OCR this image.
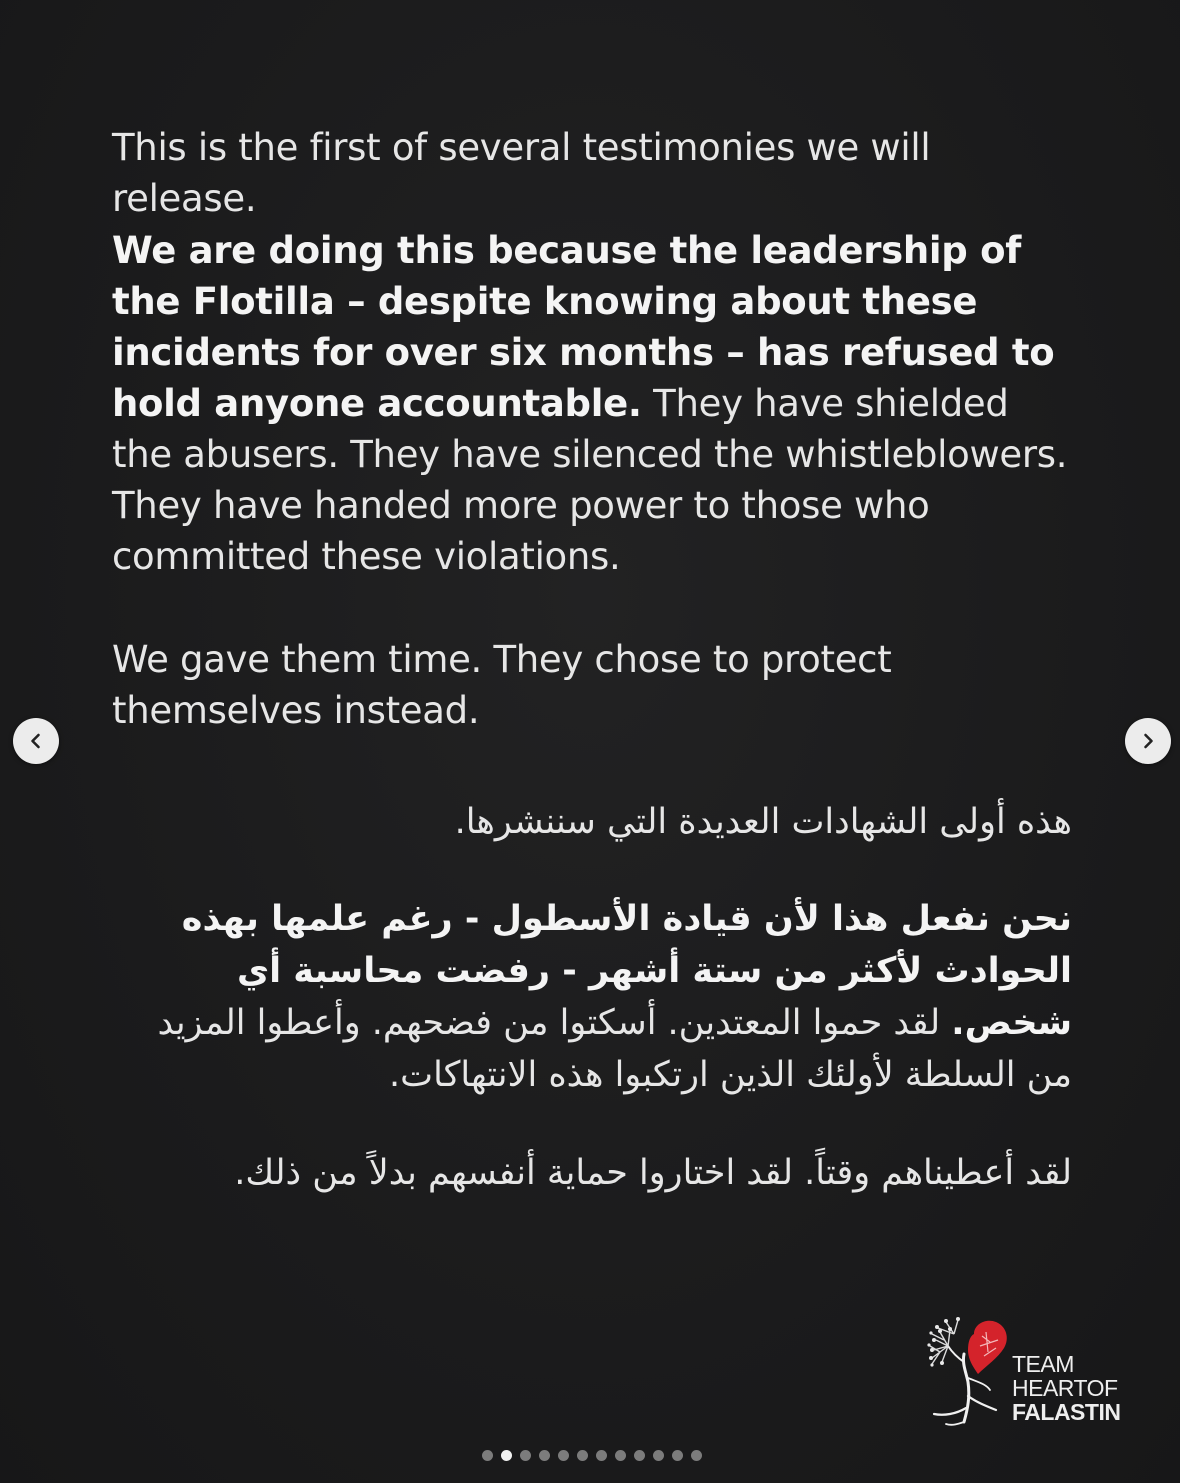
This is the first of several testimonies we will release.
We are doing this because the leadership of the Flotilla – despite knowing about these incidents for over six months – has refused to hold anyone accountable. They have shielded the abusers. They have silenced the whistleblowers. They have handed more power to those who committed these violations.
We gave them time. They chose to protect themselves instead.
هذه أولى الشهادات العديدة التي سننشرها.
نحن نفعل هذا لأن قيادة الأسطول - رغم علمها بهذه الحوادث لأكثر من ستة أشهر - رفضت محاسبة أي شخص. لقد حموا المعتدين. أسكتوا من فضحهم. وأعطوا المزيد من السلطة لأولئك الذين ارتكبوا هذه الانتهاكات.
لقد أعطيناهم وقتاً. لقد اختاروا حماية أنفسهم بدلاً من ذلك.
TEAM
HEARTOF
FALASTIN
